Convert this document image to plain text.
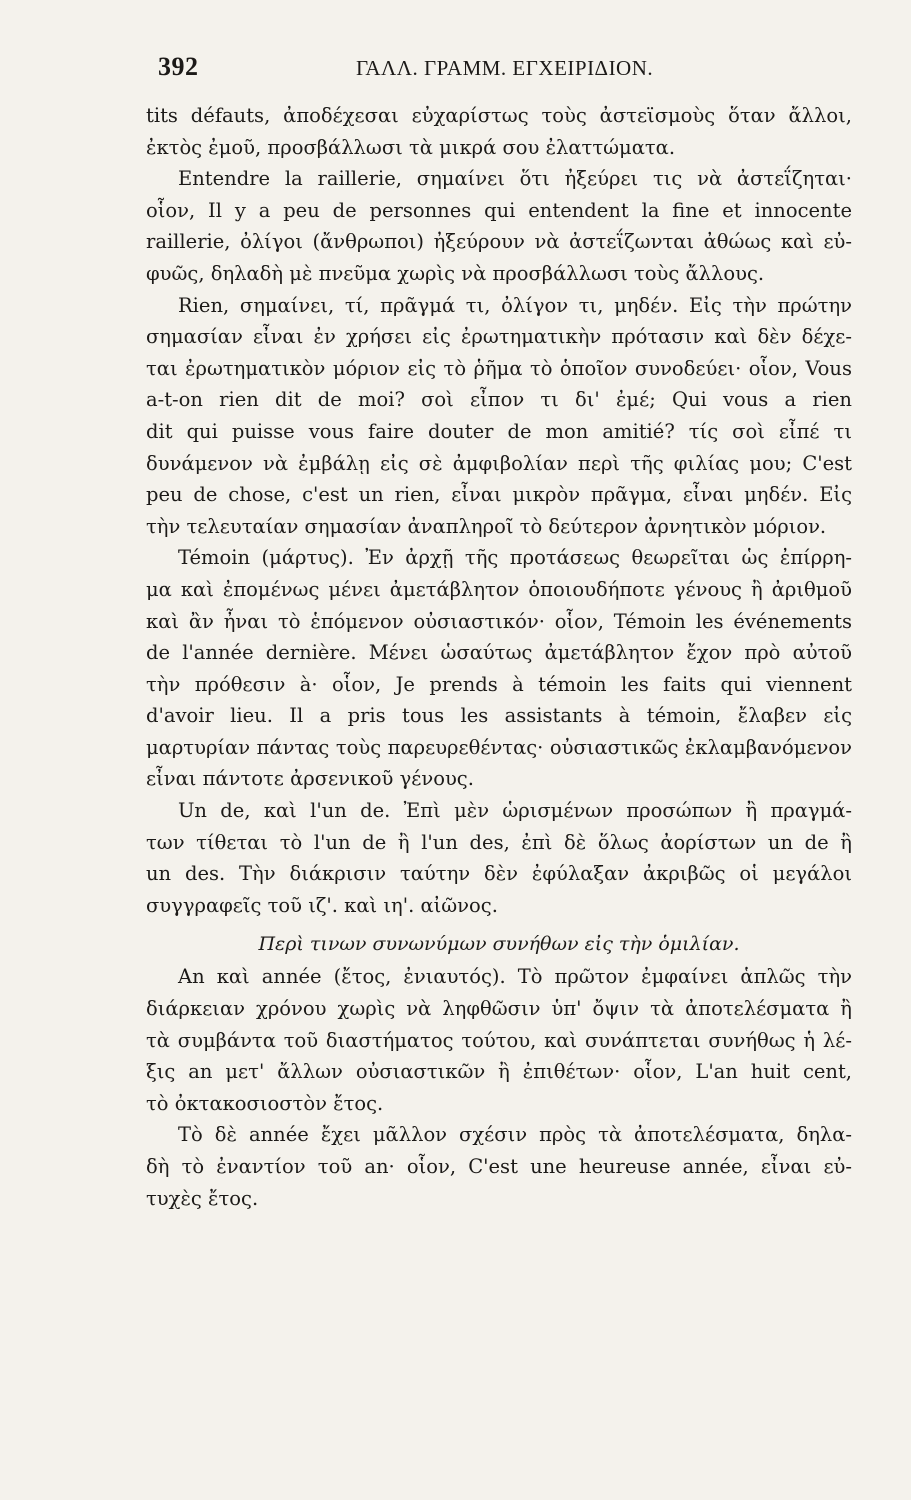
392	ΓΑΛΛ. ΓΡΑΜΜ. ΕΓΧΕΙΡΙΔΙΟΝ.
tits défauts, ἀποδέχεσαι εὐχαρίστως τοὺς ἀστεϊσμοὺς ὅταν ἄλλοι,
ἐκτὸς ἐμοῦ, προσβάλλωσι τὰ μικρά σου ἐλαττώματα.
Entendre la raillerie, σημαίνει ὅτι ἠξεύρει τις νὰ ἀστεΐζηται·
οἷον, Il y a peu de personnes qui entendent la fine et innocente
raillerie, ὀλίγοι (ἄνθρωποι) ἠξεύρουν νὰ ἀστεΐζωνται ἀθώως καὶ εὐ-
φυῶς, δηλαδὴ μὲ πνεῦμα χωρὶς νὰ προσβάλλωσι τοὺς ἄλλους.
Rien, σημαίνει, τί, πρᾶγμά τι, ὀλίγον τι, μηδέν. Εἰς τὴν πρώτην
σημασίαν εἶναι ἐν χρήσει εἰς ἐρωτηματικὴν πρότασιν καὶ δὲν δέχε-
ται ἐρωτηματικὸν μόριον εἰς τὸ ῥῆμα τὸ ὁποῖον συνοδεύει· οἷον, Vous
a-t-on rien dit de moi? σοὶ εἶπον τι δι' ἐμέ; Qui vous a rien
dit qui puisse vous faire douter de mon amitié? τίς σοὶ εἶπέ τι
δυνάμενον νὰ ἐμβάλῃ εἰς σὲ ἀμφιβολίαν περὶ τῆς φιλίας μου; C'est
peu de chose, c'est un rien, εἶναι μικρὸν πρᾶγμα, εἶναι μηδέν. Εἰς
τὴν τελευταίαν σημασίαν ἀναπληροῖ τὸ δεύτερον ἀρνητικὸν μόριον.
Témoin (μάρτυς). Ἐν ἀρχῇ τῆς προτάσεως θεωρεῖται ὡς ἐπίρρη-
μα καὶ ἐπομένως μένει ἀμετάβλητον ὁποιουδήποτε γένους ἢ ἀριθμοῦ
καὶ ἂν ἦναι τὸ ἑπόμενον οὐσιαστικόν· οἷον, Témoin les événements
de l'année dernière. Μένει ὡσαύτως ἀμετάβλητον ἔχον πρὸ αὐτοῦ
τὴν πρόθεσιν à· οἷον, Je prends à témoin les faits qui viennent
d'avoir lieu. Il a pris tous les assistants à témoin, ἔλαβεν εἰς
μαρτυρίαν πάντας τοὺς παρευρεθέντας· οὐσιαστικῶς ἐκλαμβανόμενον
εἶναι πάντοτε ἀρσενικοῦ γένους.
Un de, καὶ l'un de. Ἐπὶ μὲν ὡρισμένων προσώπων ἢ πραγμά-
των τίθεται τὸ l'un de ἢ l'un des, ἐπὶ δὲ ὅλως ἀορίστων un de ἢ
un des. Τὴν διάκρισιν ταύτην δὲν ἐφύλαξαν ἀκριβῶς οἱ μεγάλοι
συγγραφεῖς τοῦ ιζ'. καὶ ιη'. αἰῶνος.
Περὶ τινων συνωνύμων συνήθων εἰς τὴν ὁμιλίαν.
An καὶ année (ἔτος, ἐνιαυτός). Τὸ πρῶτον ἐμφαίνει ἁπλῶς τὴν
διάρκειαν χρόνου χωρὶς νὰ ληφθῶσιν ὑπ' ὄψιν τὰ ἀποτελέσματα ἢ
τὰ συμβάντα τοῦ διαστήματος τούτου, καὶ συνάπτεται συνήθως ἡ λέ-
ξις an μετ' ἄλλων οὐσιαστικῶν ἢ ἐπιθέτων· οἷον, L'an huit cent,
τὸ ὀκτακοσιοστὸν ἔτος.
Τὸ δὲ année ἔχει μᾶλλον σχέσιν πρὸς τὰ ἀποτελέσματα, δηλα-
δὴ τὸ ἐναντίον τοῦ an· οἷον, C'est une heureuse année, εἶναι εὐ-
τυχὲς ἔτος.
